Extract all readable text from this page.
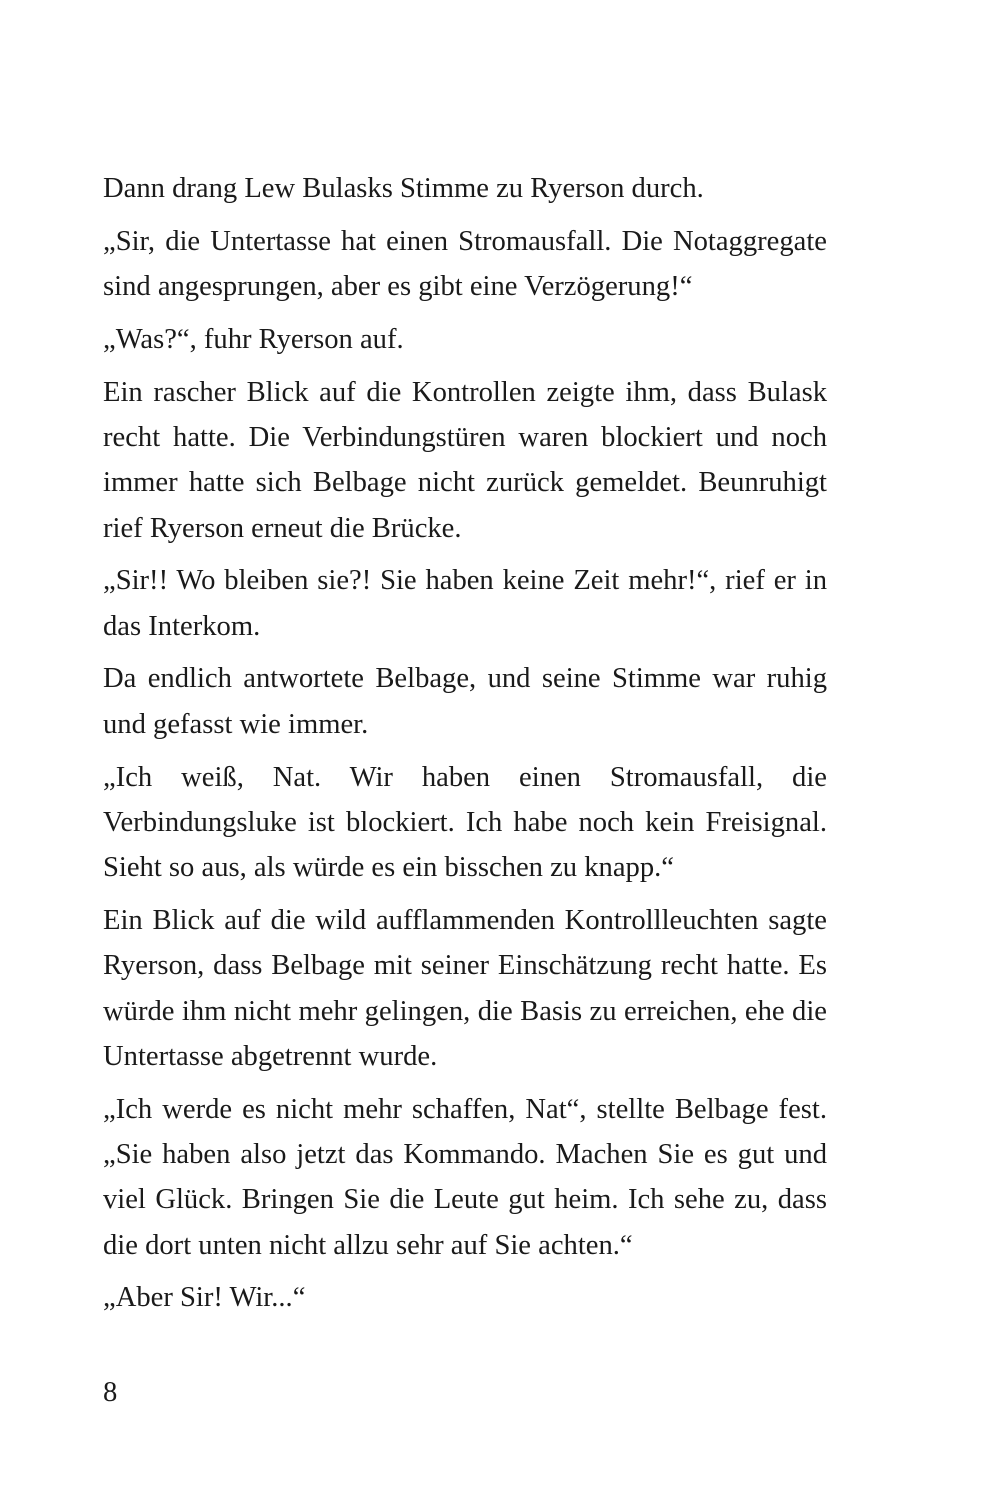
Dann drang Lew Bulasks Stimme zu Ryerson durch.

„Sir, die Untertasse hat einen Stromausfall. Die Notaggregate sind angesprungen, aber es gibt eine Verzögerung!“

„Was?“, fuhr Ryerson auf.

Ein rascher Blick auf die Kontrollen zeigte ihm, dass Bulask recht hatte. Die Verbindungstüren waren blockiert und noch immer hatte sich Belbage nicht zurück gemeldet. Beunruhigt rief Ryerson erneut die Brücke.

„Sir!! Wo bleiben sie?! Sie haben keine Zeit mehr!“, rief er in das Interkom.

Da endlich antwortete Belbage, und seine Stimme war ruhig und gefasst wie immer.

„Ich weiß, Nat. Wir haben einen Stromausfall, die Verbindungsluke ist blockiert. Ich habe noch kein Freisignal. Sieht so aus, als würde es ein bisschen zu knapp.“

Ein Blick auf die wild aufflammenden Kontrollleuchten sagte Ryerson, dass Belbage mit seiner Einschätzung recht hatte. Es würde ihm nicht mehr gelingen, die Basis zu erreichen, ehe die Untertasse abgetrennt wurde.

„Ich werde es nicht mehr schaffen, Nat“, stellte Belbage fest. „Sie haben also jetzt das Kommando. Machen Sie es gut und viel Glück. Bringen Sie die Leute gut heim. Ich sehe zu, dass die dort unten nicht allzu sehr auf Sie achten.“

„Aber Sir! Wir...“

8
